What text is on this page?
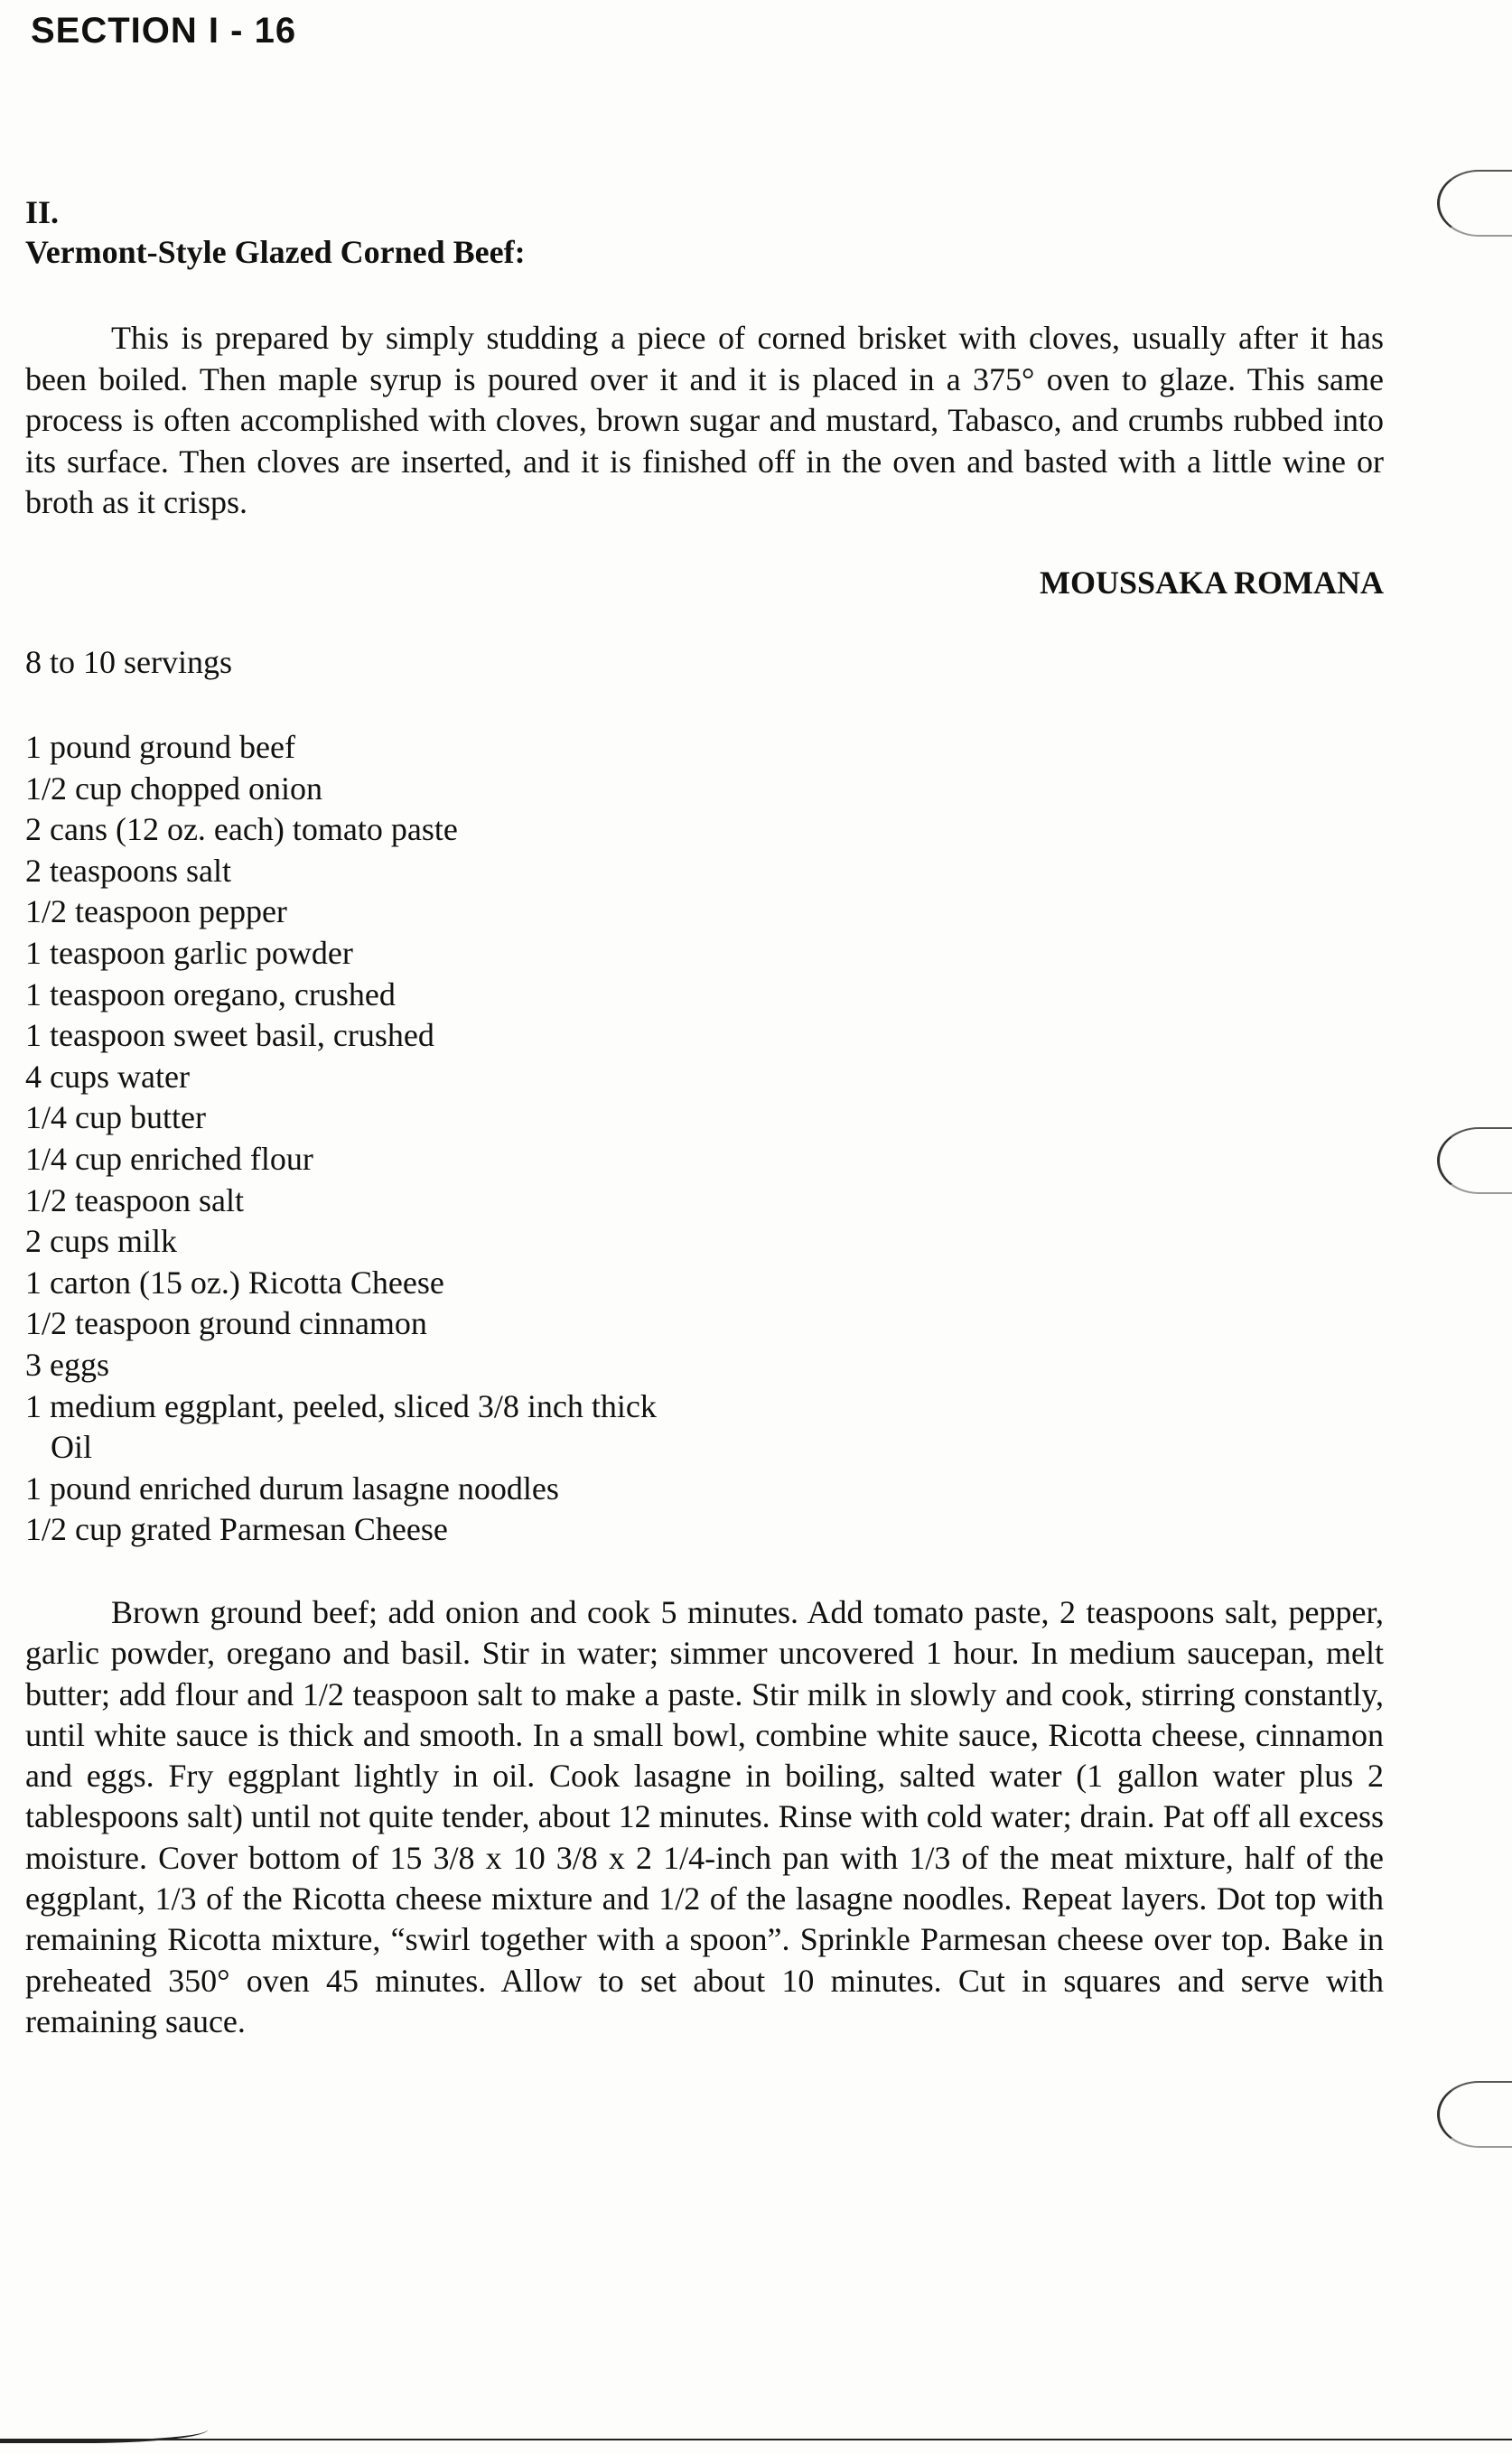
SECTION I - 16
II.
Vermont-Style Glazed Corned Beef:

This is prepared by simply studding a piece of corned brisket with cloves, usually after it has been boiled. Then maple syrup is poured over it and it is placed in a 375° oven to glaze. This same process is often accomplished with cloves, brown sugar and mustard, Tabasco, and crumbs rubbed into its surface. Then cloves are inserted, and it is finished off in the oven and basted with a little wine or broth as it crisps.

MOUSSAKA ROMANA
8 to 10 servings
1 pound ground beef
1/2 cup chopped onion
2 cans (12 oz. each) tomato paste
2 teaspoons salt
1/2 teaspoon pepper
1 teaspoon garlic powder
1 teaspoon oregano, crushed
1 teaspoon sweet basil, crushed
4 cups water
1/4 cup butter
1/4 cup enriched flour
1/2 teaspoon salt
2 cups milk
1 carton (15 oz.) Ricotta Cheese
1/2 teaspoon ground cinnamon
3 eggs
1 medium eggplant, peeled, sliced 3/8 inch thick
Oil
1 pound enriched durum lasagne noodles
1/2 cup grated Parmesan Cheese

Brown ground beef; add onion and cook 5 minutes. Add tomato paste, 2 teaspoons salt, pepper, garlic powder, oregano and basil. Stir in water; simmer uncovered 1 hour. In medium saucepan, melt butter; add flour and 1/2 teaspoon salt to make a paste. Stir milk in slowly and cook, stirring constantly, until white sauce is thick and smooth. In a small bowl, combine white sauce, Ricotta cheese, cinnamon and eggs. Fry eggplant lightly in oil. Cook lasagne in boiling, salted water (1 gallon water plus 2 tablespoons salt) until not quite tender, about 12 minutes. Rinse with cold water; drain. Pat off all excess moisture. Cover bottom of 15 3/8 x 10 3/8 x 2 1/4-inch pan with 1/3 of the meat mixture, half of the eggplant, 1/3 of the Ricotta cheese mixture and 1/2 of the lasagne noodles. Repeat layers. Dot top with remaining Ricotta mixture, “swirl together with a spoon”. Sprinkle Parmesan cheese over top. Bake in preheated 350° oven 45 minutes. Allow to set about 10 minutes. Cut in squares and serve with remaining sauce.
